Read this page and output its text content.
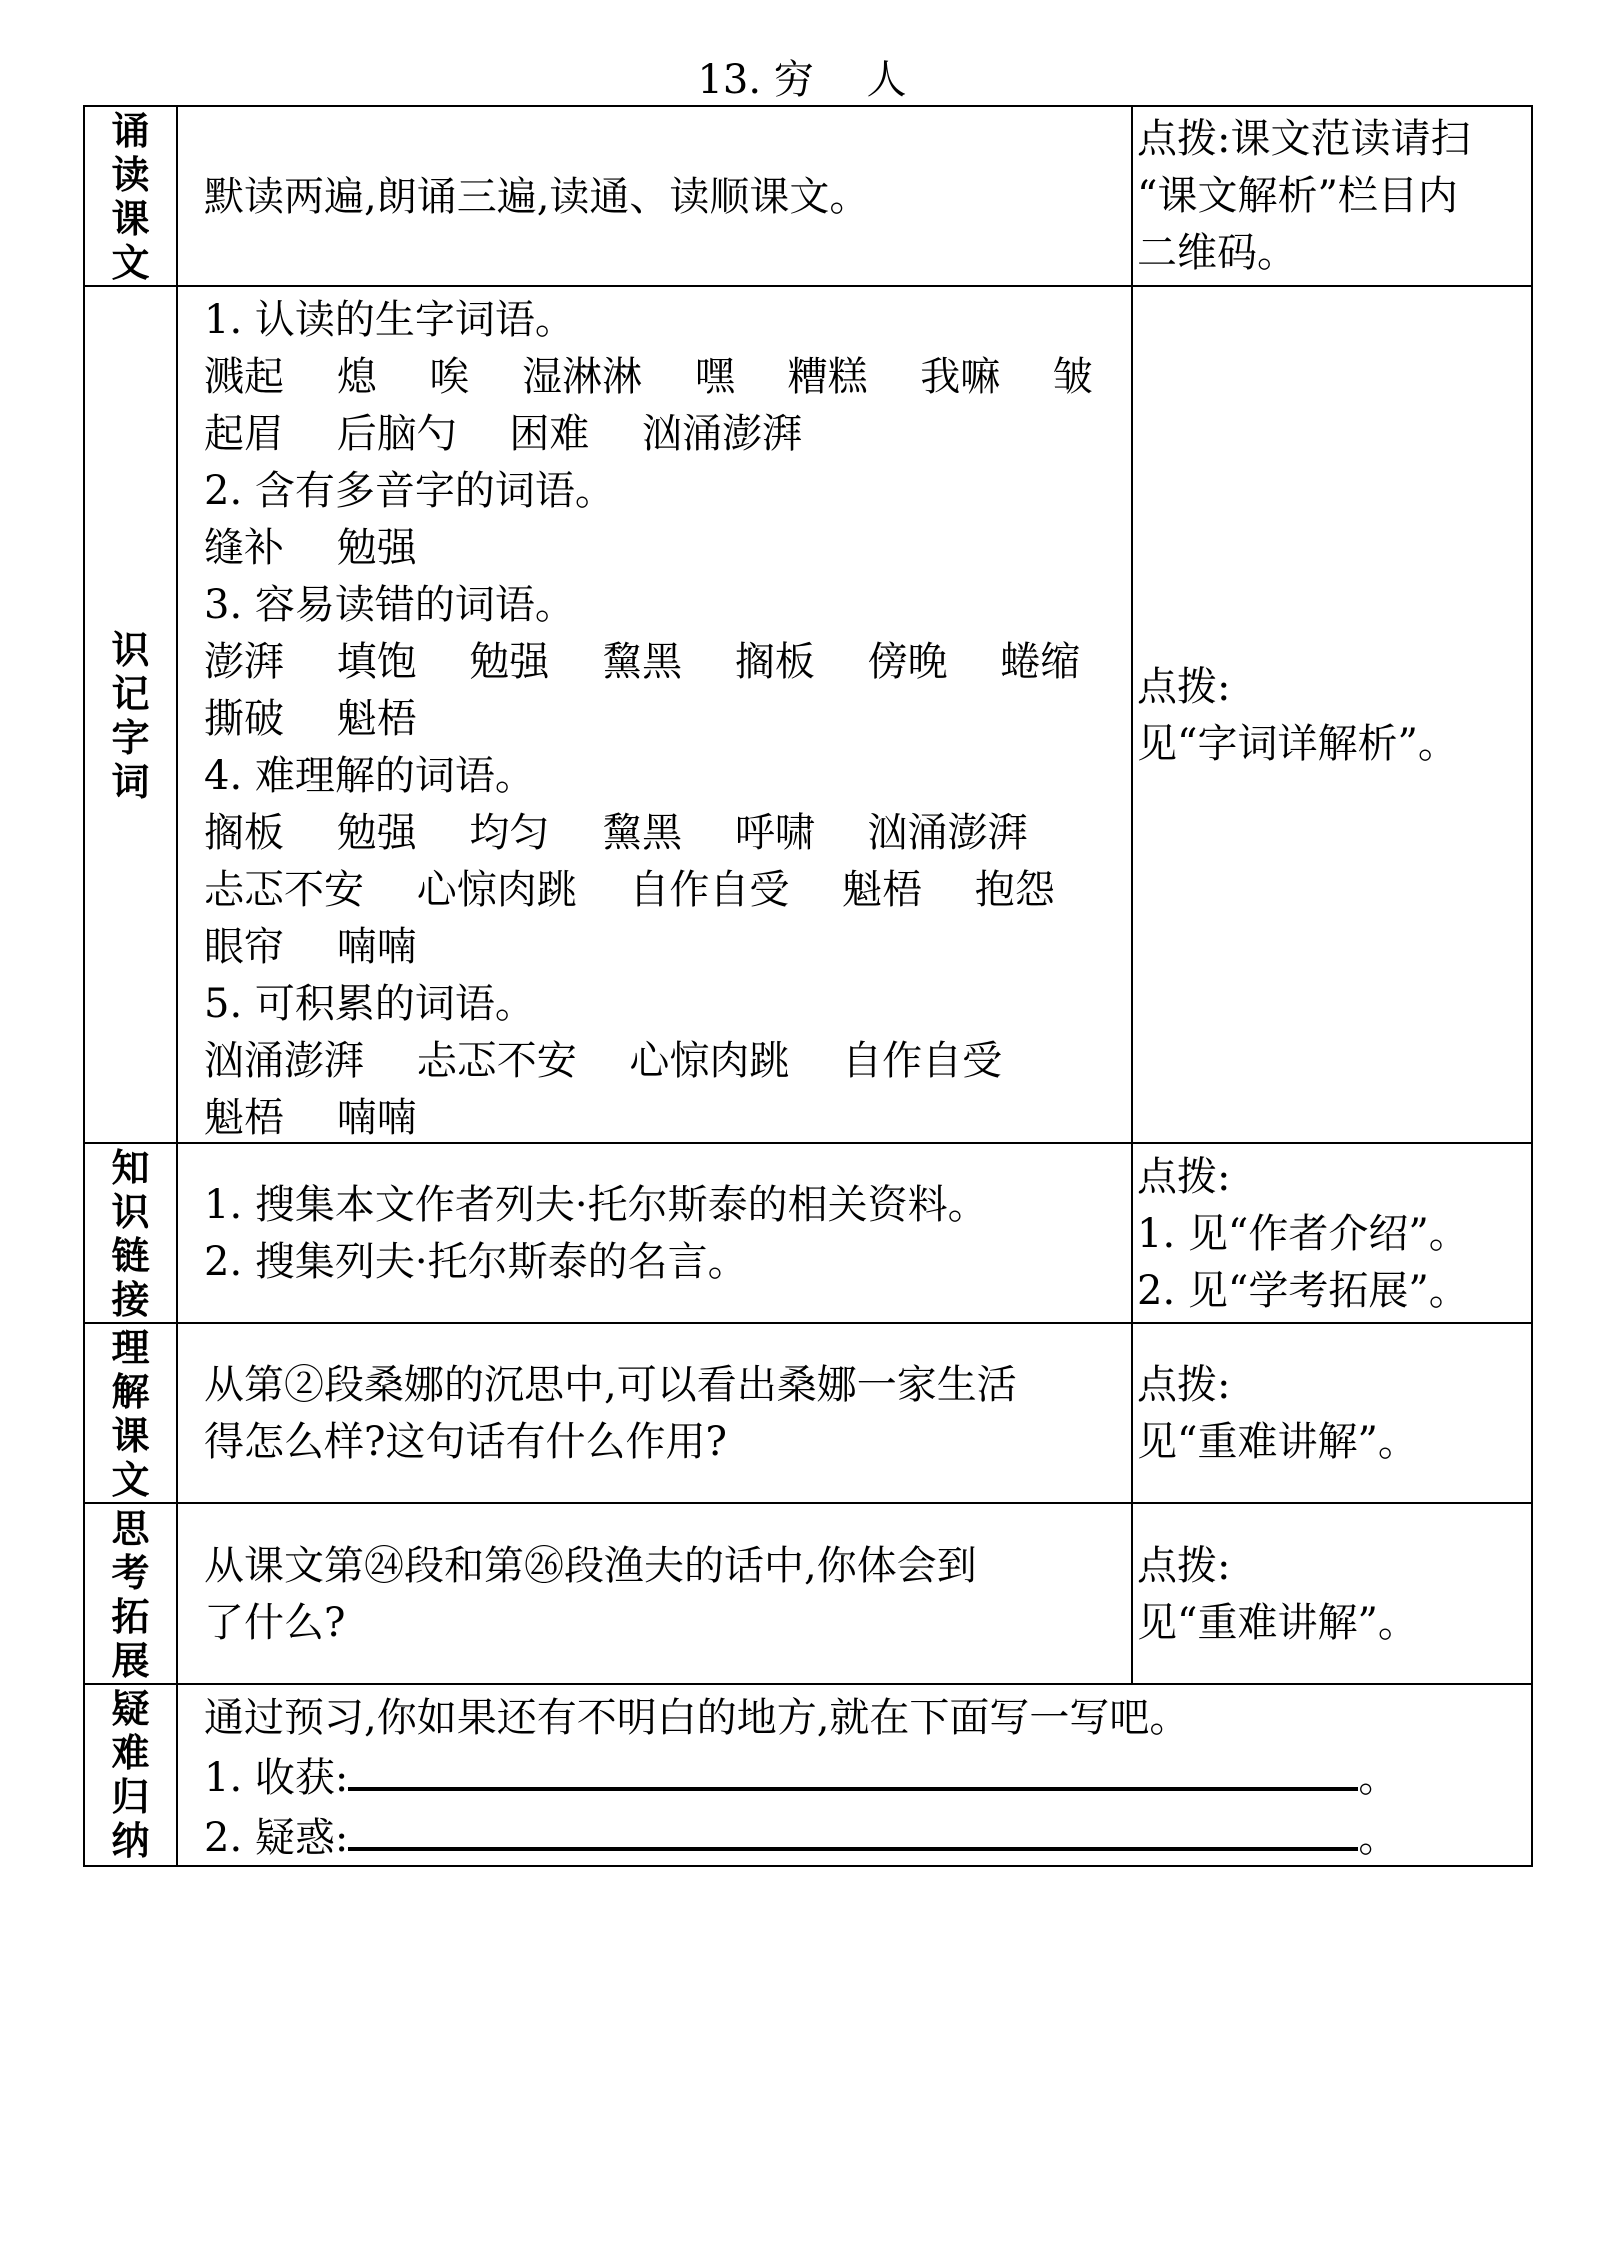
13. 穷　 人
诵
读
课
文
默读两遍,朗诵三遍,读通、读顺课文。
点拨:课文范读请扫
“课文解析”栏目内
二维码。
识
记
字
词
1. 认读的生字词语。
溅起　 熄　 唉　 湿淋淋　 嘿　 糟糕　 我嘛　 皱
起眉　 后脑勺　 困难　 汹涌澎湃
2. 含有多音字的词语。
缝补　 勉强
3. 容易读错的词语。
澎湃　 填饱　 勉强　 黧黑　 搁板　 傍晚　 蜷缩
撕破　 魁梧
4. 难理解的词语。
搁板　 勉强　 均匀　 黧黑　 呼啸　 汹涌澎湃
忐忑不安　 心惊肉跳　 自作自受　 魁梧　 抱怨
眼帘　 喃喃
5. 可积累的词语。
汹涌澎湃　 忐忑不安　 心惊肉跳　 自作自受
魁梧　 喃喃
点拨:
见“字词详解析”。
知
识
链
接
1. 搜集本文作者列夫·托尔斯泰的相关资料。
2. 搜集列夫·托尔斯泰的名言。
点拨:
1. 见“作者介绍”。
2. 见“学考拓展”。
理
解
课
文
从第②段桑娜的沉思中,可以看出桑娜一家生活
得怎么样?这句话有什么作用?
点拨:
见“重难讲解”。
思
考
拓
展
从课文第㉔段和第㉖段渔夫的话中,你体会到
了什么?
点拨:
见“重难讲解”。
疑
难
归
纳
通过预习,你如果还有不明白的地方,就在下面写一写吧。
1. 收获:	。
2. 疑惑:	。
